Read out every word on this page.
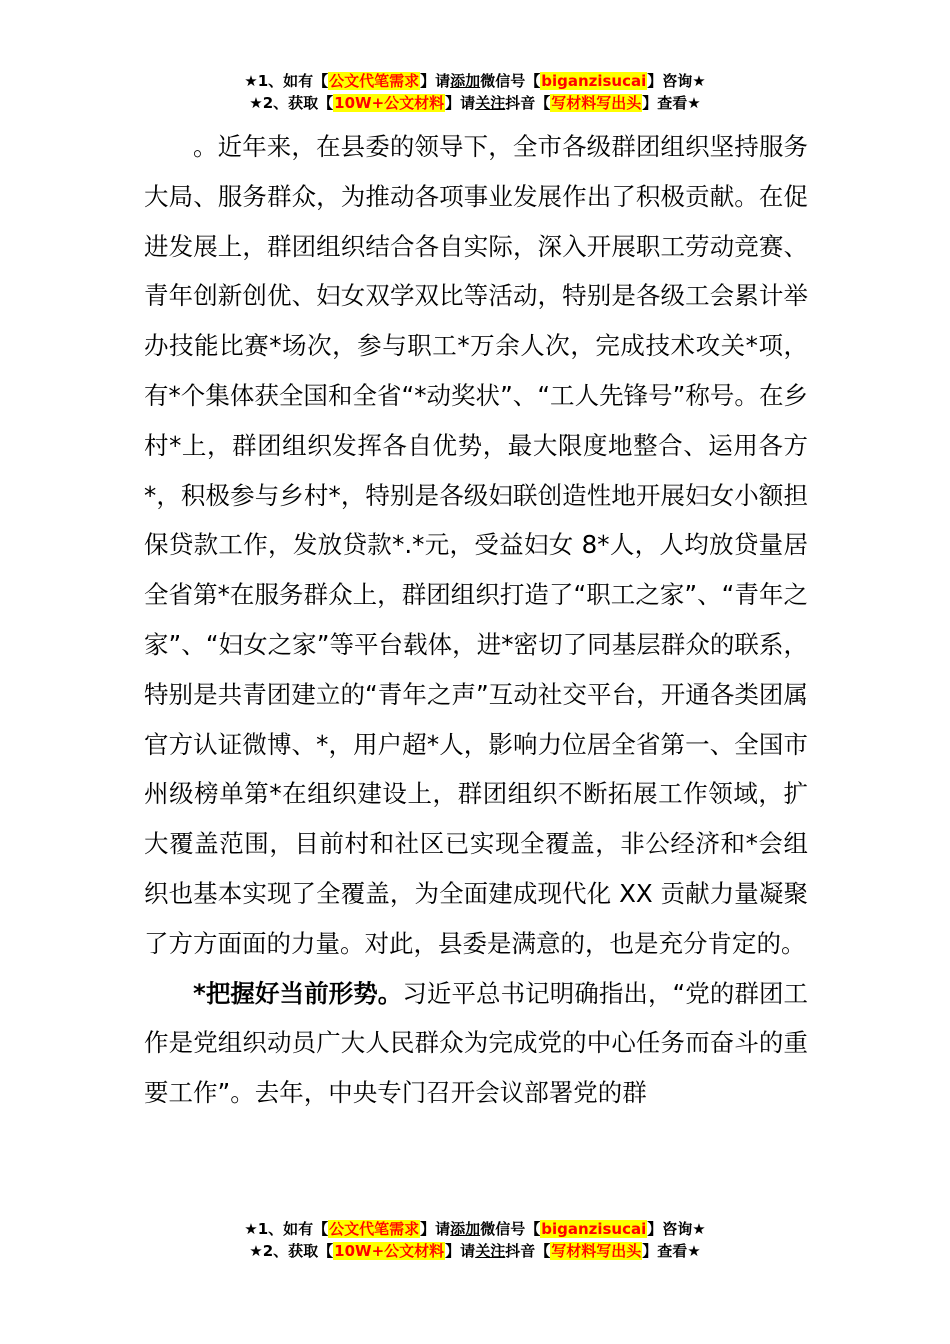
★1、如有【公文代笔需求】请添加微信号【biganzisucai】咨询★
★2、获取【10W+公文材料】请关注抖音【写材料写出头】查看★

。近年来，在县委的领导下，全市各级群团组织坚持服务大局、服务群众，为推动各项事业发展作出了积极贡献。在促进发展上，群团组织结合各自实际，深入开展职工劳动竞赛、青年创新创优、妇女双学双比等活动，特别是各级工会累计举办技能比赛*场次，参与职工*万余人次，完成技术攻关*项，有*个集体获全国和全省“*动奖状”、“工人先锋号”称号。在乡村*上，群团组织发挥各自优势，最大限度地整合、运用各方*，积极参与乡村*，特别是各级妇联创造性地开展妇女小额担保贷款工作，发放贷款*.*元，受益妇女 8*人，人均放贷量居全省第*在服务群众上，群团组织打造了“职工之家”、“青年之家”、“妇女之家”等平台载体，进*密切了同基层群众的联系，特别是共青团建立的“青年之声”互动社交平台，开通各类团属官方认证微博、*，用户超*人，影响力位居全省第一、全国市州级榜单第*在组织建设上，群团组织不断拓展工作领域，扩大覆盖范围，目前村和社区已实现全覆盖，非公经济和*会组织也基本实现了全覆盖，为全面建成现代化 XX 贡献力量凝聚了方方面面的力量。对此，县委是满意的，也是充分肯定的。

*把握好当前形势。习近平总书记明确指出，“党的群团工作是党组织动员广大人民群众为完成党的中心任务而奋斗的重要工作”。去年，中央专门召开会议部署党的群

★1、如有【公文代笔需求】请添加微信号【biganzisucai】咨询★
★2、获取【10W+公文材料】请关注抖音【写材料写出头】查看★
